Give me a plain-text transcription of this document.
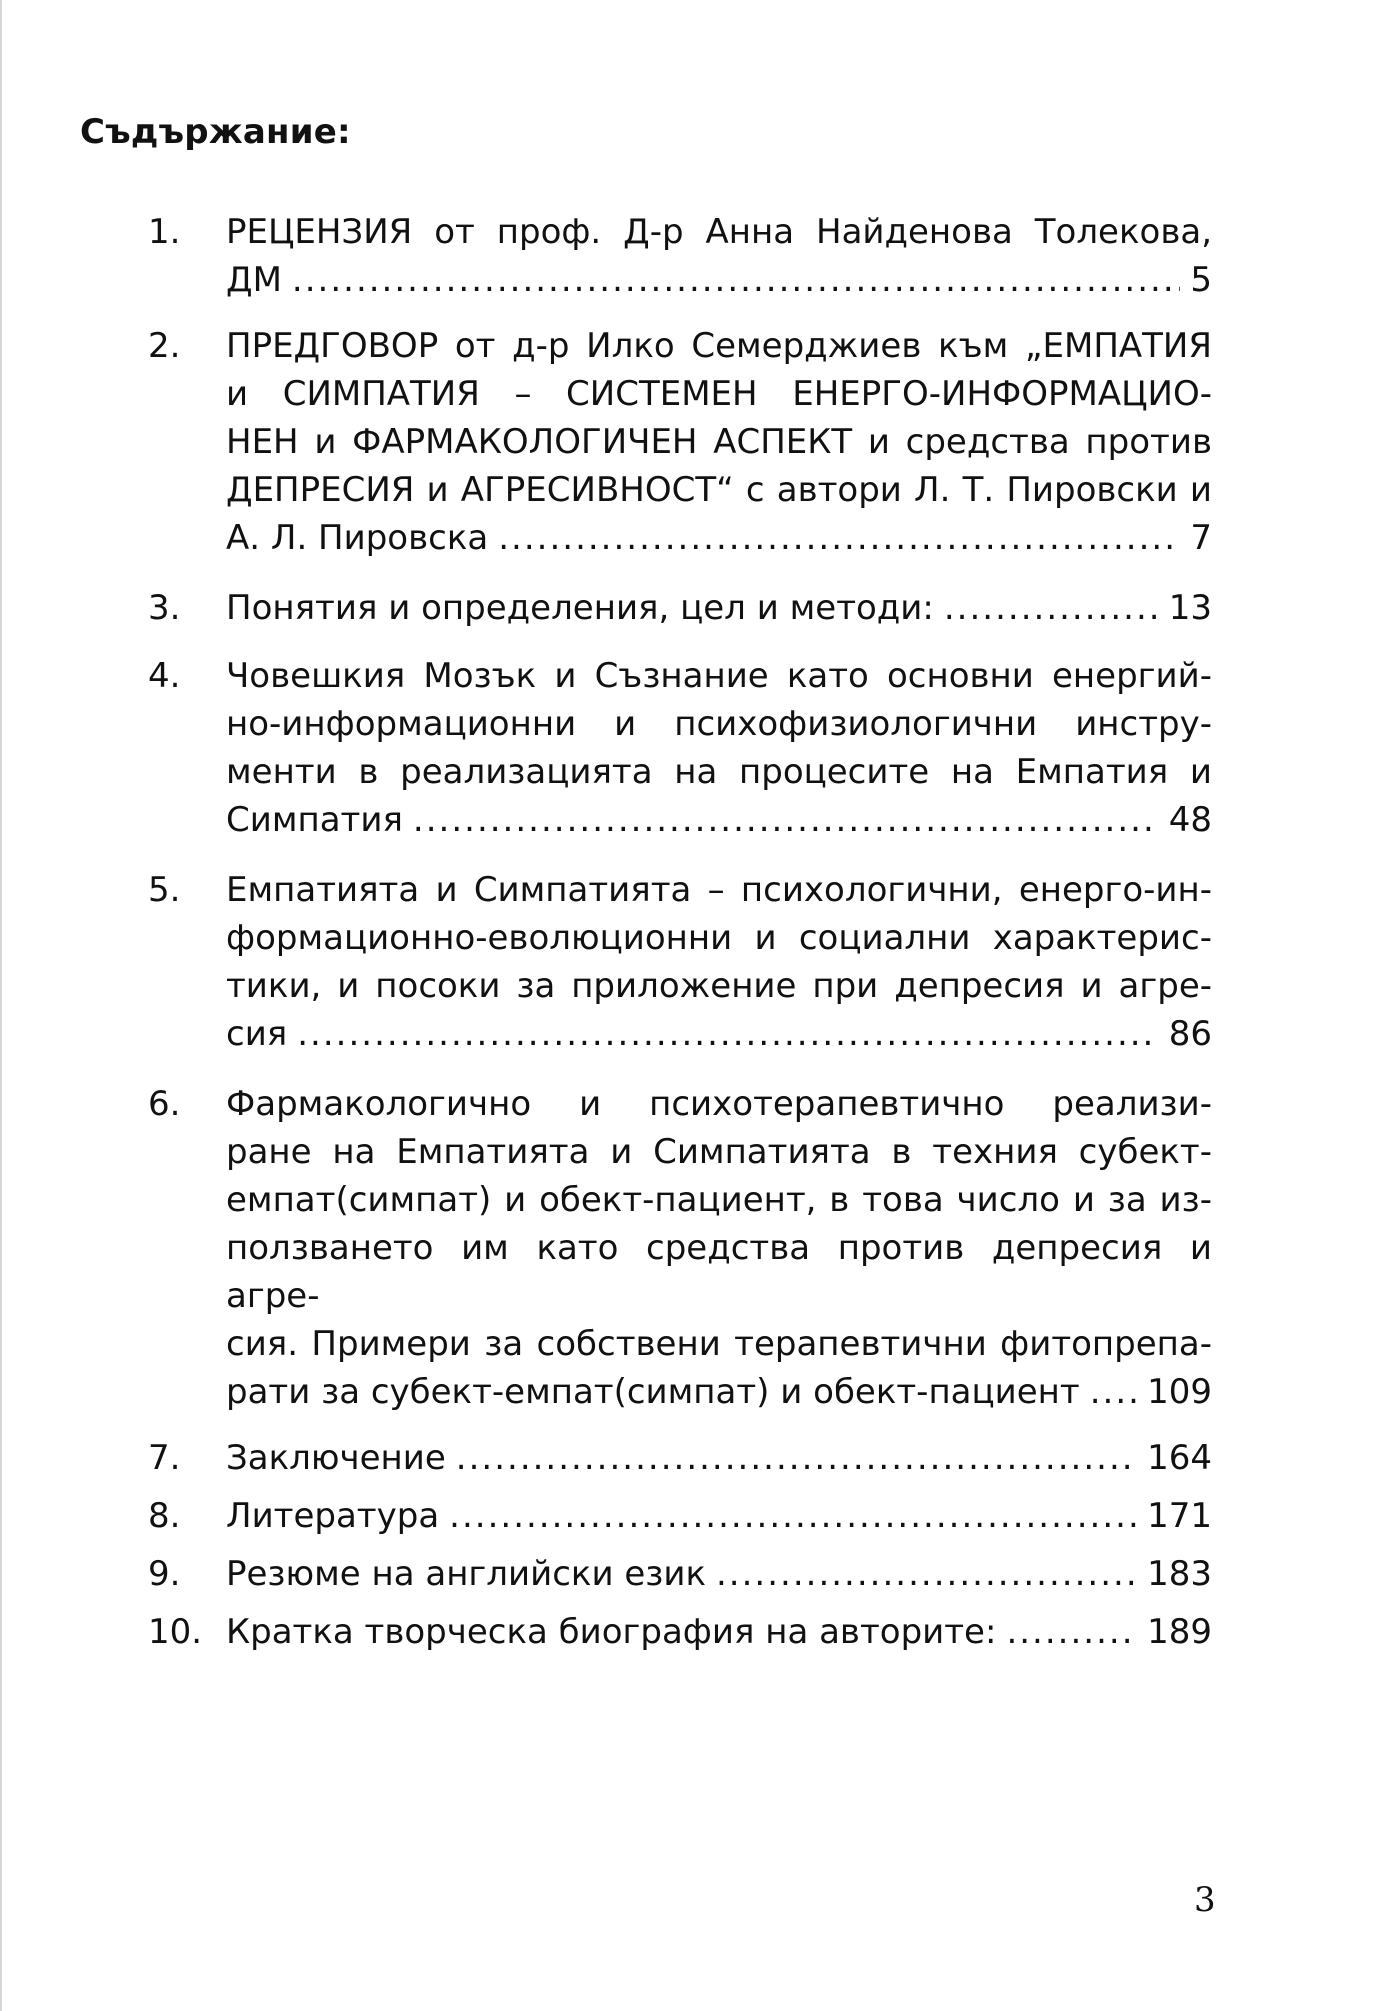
Съдържание:
1. РЕЦЕНЗИЯ от проф. Д-р Анна Найденова Толекова,
ДМ .....	5
2. ПРЕДГОВОР от д-р Илко Семерджиев към „ЕМПАТИЯ
и СИМПАТИЯ – СИСТЕМЕН ЕНЕРГО-ИНФОРМАЦИО-
НЕН и ФАРМАКОЛОГИЧЕН АСПЕКТ и средства против
ДЕПРЕСИЯ и АГРЕСИВНОСТ“ с автори Л. Т. Пировски и
А. Л. Пировска .....	7
3. Понятия и определения, цел и методи: .....	13
4. Човешкия Мозък и Съзнание като основни енергий-
но-информационни и психофизиологични инстру-
менти в реализацията на процесите на Емпатия и
Симпатия .....	48
5. Емпатията и Симпатията – психологични, енерго-ин-
формационно-еволюционни и социални характерис-
тики, и посоки за приложение при депресия и агре-
сия .....	86
6. Фармакологично и психотерапевтично реализи-
ране на Емпатията и Симпатията в техния субект-
емпат(симпат) и обект-пациент, в това число и за из-
ползването им като средства против депресия и агре-
сия. Примери за собствени терапевтични фитопрепа-
рати за субект-емпат(симпат) и обект-пациент ..... 109
7. Заключение .....	164
8. Литература .....	171
9. Резюме на английски език .....	183
10. Кратка творческа биография на авторите: .....	189
3
